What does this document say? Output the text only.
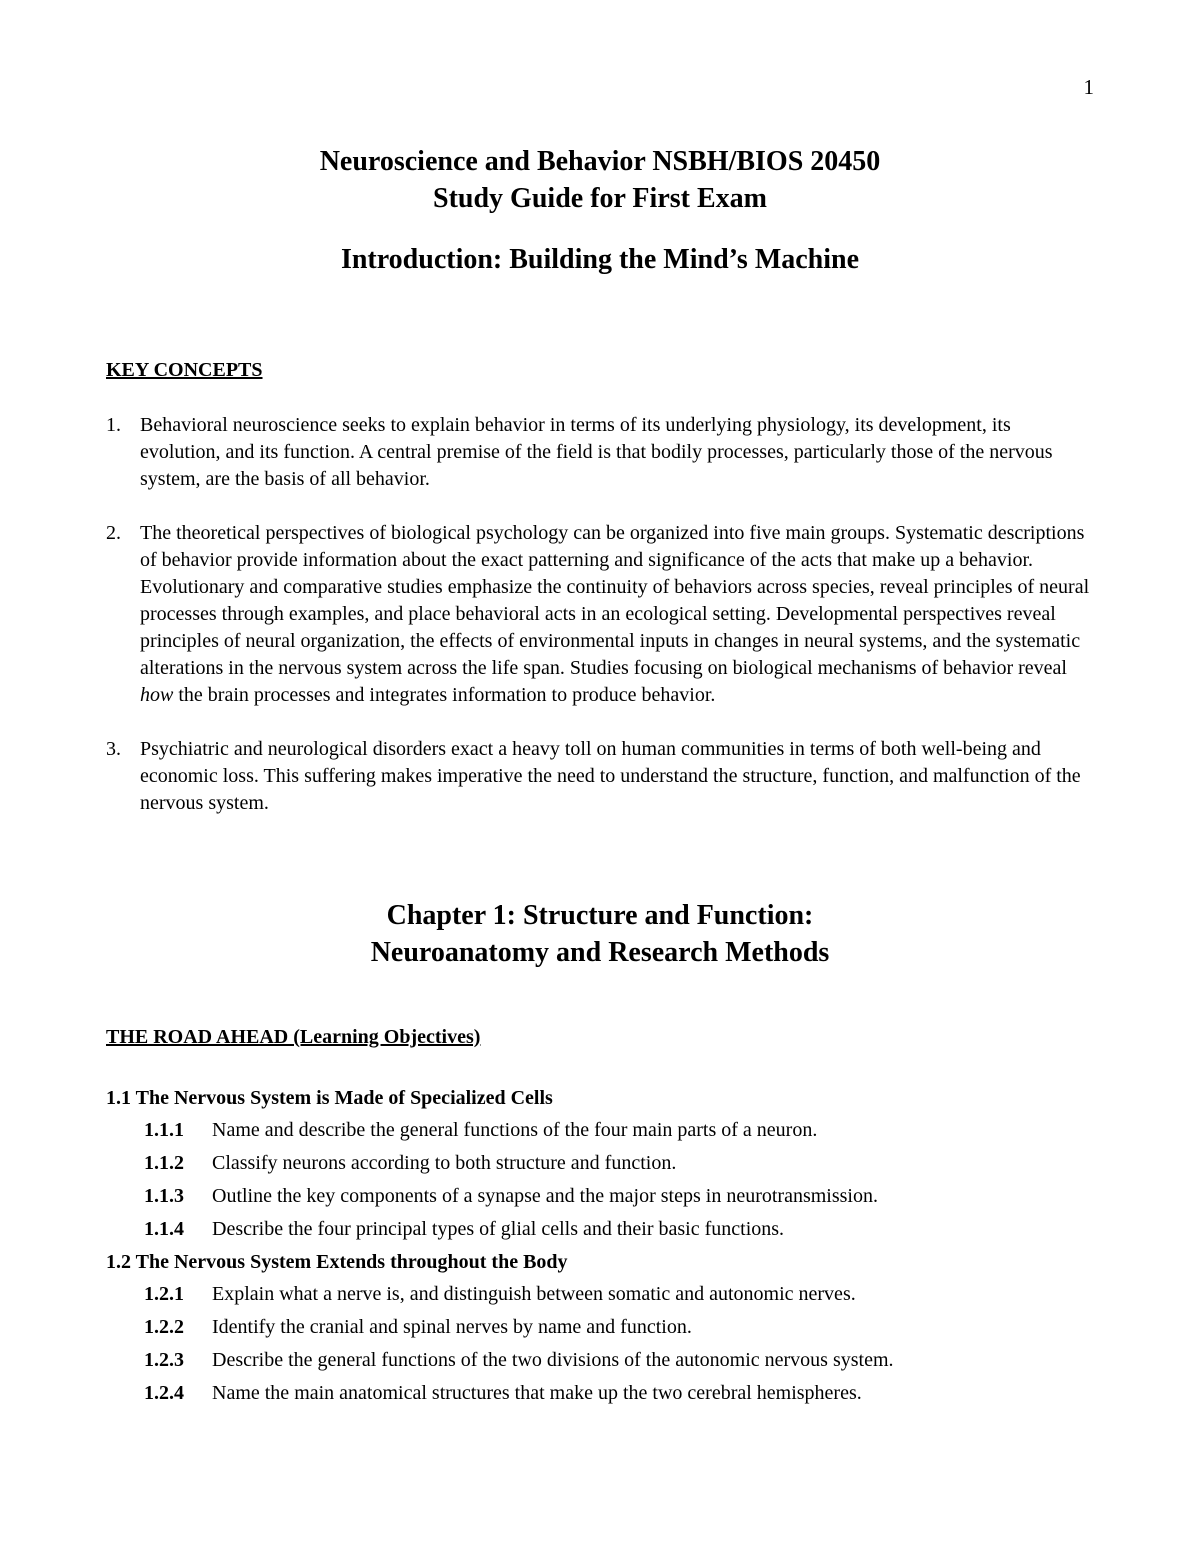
1
Neuroscience and Behavior NSBH/BIOS 20450
Study Guide for First Exam
Introduction: Building the Mind’s Machine
KEY CONCEPTS
1. Behavioral neuroscience seeks to explain behavior in terms of its underlying physiology, its development, its evolution, and its function. A central premise of the field is that bodily processes, particularly those of the nervous system, are the basis of all behavior.
2. The theoretical perspectives of biological psychology can be organized into five main groups. Systematic descriptions of behavior provide information about the exact patterning and significance of the acts that make up a behavior. Evolutionary and comparative studies emphasize the continuity of behaviors across species, reveal principles of neural processes through examples, and place behavioral acts in an ecological setting. Developmental perspectives reveal principles of neural organization, the effects of environmental inputs in changes in neural systems, and the systematic alterations in the nervous system across the life span. Studies focusing on biological mechanisms of behavior reveal how the brain processes and integrates information to produce behavior.
3. Psychiatric and neurological disorders exact a heavy toll on human communities in terms of both well-being and economic loss. This suffering makes imperative the need to understand the structure, function, and malfunction of the nervous system.
Chapter 1: Structure and Function:
Neuroanatomy and Research Methods
THE ROAD AHEAD (Learning Objectives)
1.1 The Nervous System is Made of Specialized Cells
1.1.1 Name and describe the general functions of the four main parts of a neuron.
1.1.2 Classify neurons according to both structure and function.
1.1.3 Outline the key components of a synapse and the major steps in neurotransmission.
1.1.4 Describe the four principal types of glial cells and their basic functions.
1.2 The Nervous System Extends throughout the Body
1.2.1 Explain what a nerve is, and distinguish between somatic and autonomic nerves.
1.2.2 Identify the cranial and spinal nerves by name and function.
1.2.3 Describe the general functions of the two divisions of the autonomic nervous system.
1.2.4 Name the main anatomical structures that make up the two cerebral hemispheres.
